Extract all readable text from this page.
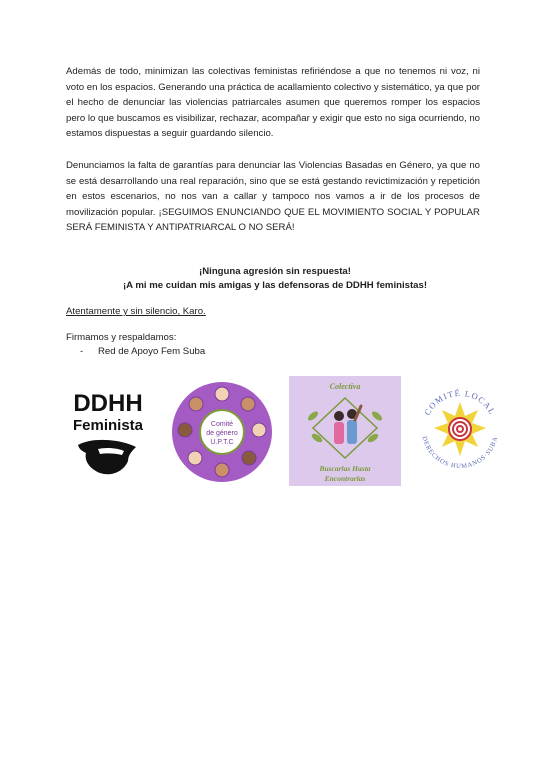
Además de todo, minimizan las colectivas feministas refiriéndose a que no tenemos ni voz, ni voto en los espacios. Generando una práctica de acallamiento colectivo y sistemático, ya que por el hecho de denunciar las violencias patriarcales asumen que queremos romper los espacios pero lo que buscamos es visibilizar, rechazar, acompañar y exigir que esto no siga ocurriendo, no estamos dispuestas a seguir guardando silencio.

Denunciamos la falta de garantías para denunciar las Violencias Basadas en Género, ya que no se está desarrollando una real reparación, sino que se está gestando revictimización y repetición en estos escenarios, no nos van a callar y tampoco nos vamos a ir de los procesos de movilización popular. ¡SEGUIMOS ENUNCIANDO QUE EL MOVIMIENTO SOCIAL Y POPULAR SERÁ FEMINISTA Y ANTIPATRIARCAL O NO SERÁ!

¡Ninguna agresión sin respuesta!

¡A mi me cuidan mis amigas y las defensoras de DDHH feministas!

Atentamente y sin silencio, Karo.

Firmamos y respaldamos:

- Red de Apoyo Fem Suba

DDHH
Feminista	Comité
de género
U.P.T.C
Colectiva
Buscarlas Hasta
Encontrarlas
COMITÉ LOCAL
DERECHOS HUMANOS·SUBA
